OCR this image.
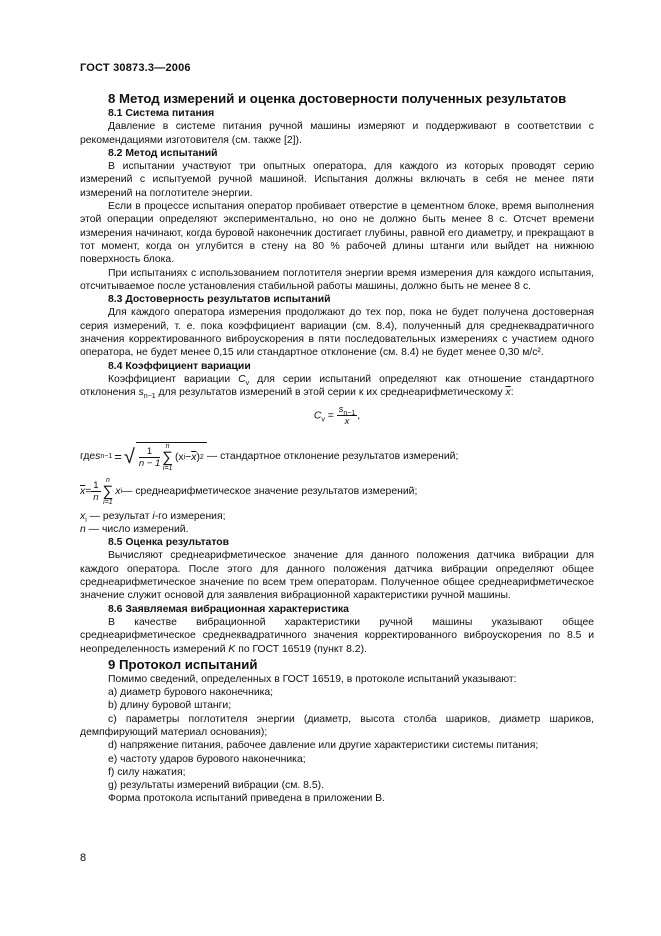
ГОСТ 30873.3—2006
8 Метод измерений и оценка достоверности полученных результатов
8.1 Система питания

Давление в системе питания ручной машины измеряют и поддерживают в соответствии с рекомендациями изготовителя (см. также [2]).

8.2 Метод испытаний

В испытании участвуют три опытных оператора, для каждого из которых проводят серию измерений с испытуемой ручной машиной. Испытания должны включать в себя не менее пяти измерений на поглотителе энергии.

Если в процессе испытания оператор пробивает отверстие в цементном блоке, время выполнения этой операции определяют экспериментально, но оно не должно быть менее 8 с. Отсчет времени измерения начинают, когда буровой наконечник достигает глубины, равной его диаметру, и прекращают в тот момент, когда он углубится в стену на 80 % рабочей длины штанги или выйдет на нижнюю поверхность блока.

При испытаниях с использованием поглотителя энергии время измерения для каждого испытания, отсчитываемое после установления стабильной работы машины, должно быть не менее 8 с.

8.3 Достоверность результатов испытаний

Для каждого оператора измерения продолжают до тех пор, пока не будет получена достоверная серия измерений, т. е. пока коэффициент вариации (см. 8.4), полученный для среднеквадратичного значения корректированного виброускорения в пяти последовательных измерениях с участием одного оператора, не будет менее 0,15 или стандартное отклонение (см. 8.4) не будет менее 0,30 м/с².

8.4 Коэффициент вариации

Коэффициент вариации $C_v$ для серии испытаний определяют как отношение стандартного отклонения $s_{n-1}$ для результатов измерений в этой серии к их среднеарифметическому $\overline{x}$:

$C_v = \frac{s_{n-1}}{x}$ ,
где s n−1 = √ $\frac{1}{n - 1}$ n
∑
i=1
(x $i - \overline{x}$ ) 2 — стандартное отклонение результатов измерений;
$\overline{x} = \frac{1}{n}$ n
∑
i=1
x i — среднеарифметическое значение результатов измерений;
$x_i$ — результат i-го измерения;
n — число измерений.
8.5 Оценка результатов

Вычисляют среднеарифметическое значение для данного положения датчика вибрации для каждого оператора. После этого для данного положения датчика вибрации определяют общее среднеарифметическое значение по всем трем операторам. Полученное общее среднеарифметическое значение служит основой для заявления вибрационной характеристики ручной машины.

8.6 Заявляемая вибрационная характеристика

В качестве вибрационной характеристики ручной машины указывают общее среднеарифметическое среднеквадратичного значения корректированного виброускорения по 8.5 и неопределенность измерений K по ГОСТ 16519 (пункт 8.2).

9 Протокол испытаний

Помимо сведений, определенных в ГОСТ 16519, в протоколе испытаний указывают:

a) диаметр бурового наконечника;

b) длину буровой штанги;

c) параметры поглотителя энергии (диаметр, высота столба шариков, диаметр шариков, демпфирующий материал основания);

d) напряжение питания, рабочее давление или другие характеристики системы питания;

e) частоту ударов бурового наконечника;

f) силу нажатия;

g) результаты измерений вибрации (см. 8.5).

Форма протокола испытаний приведена в приложении В.

8
